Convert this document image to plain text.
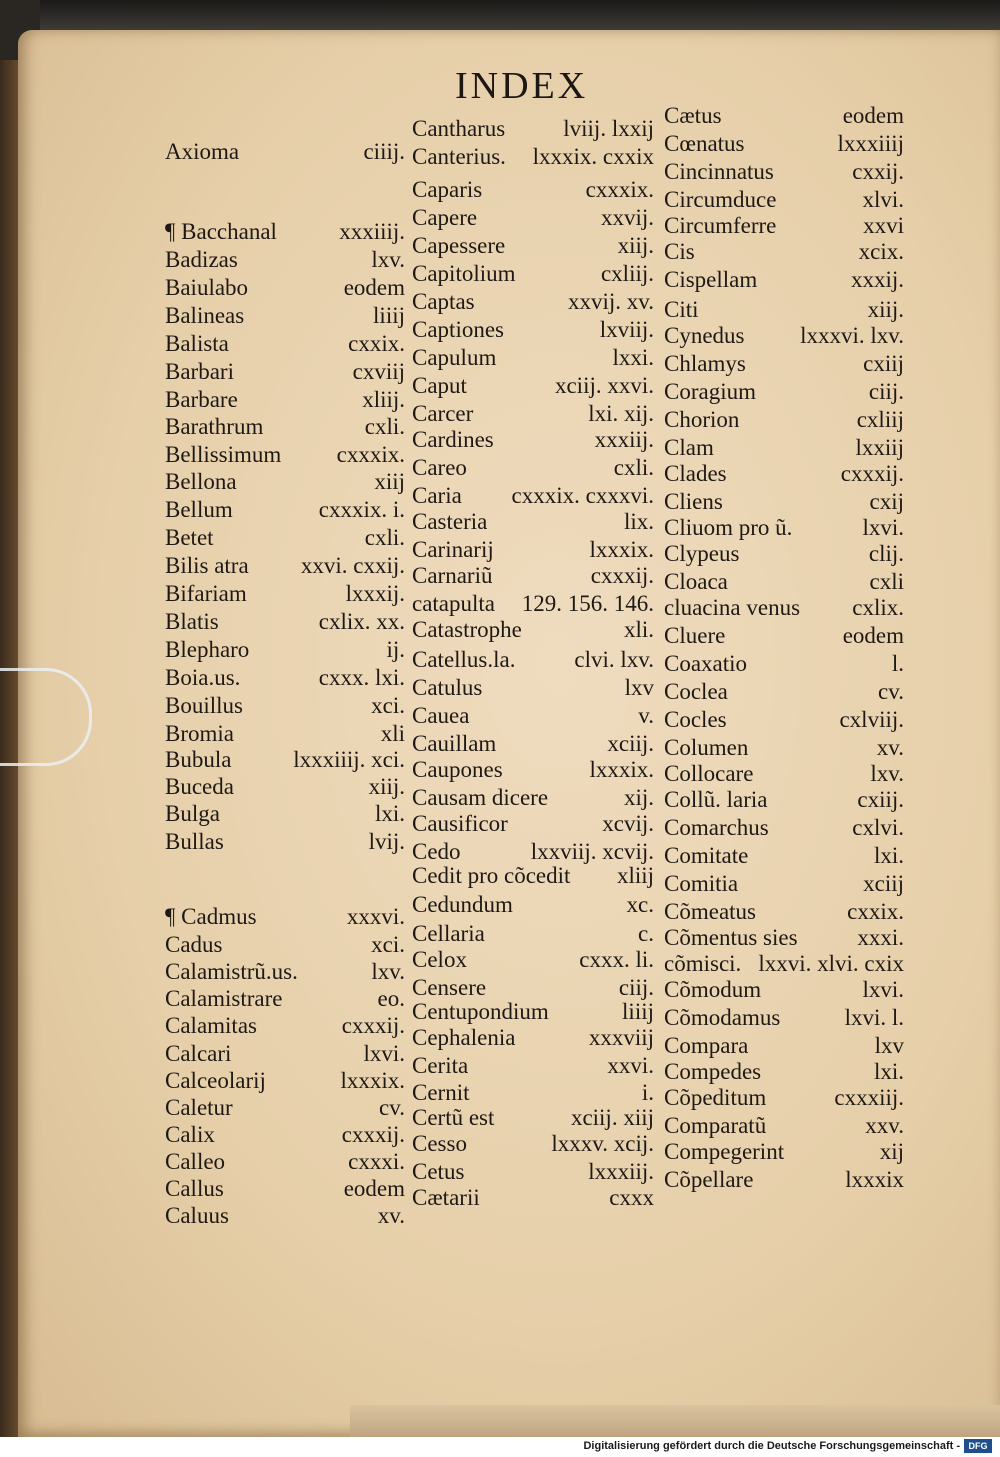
INDEX
Axioma	ciiij.
¶ Bacchanal	xxxiiij.
Badizas	lxv.
Baiulabo	eodem
Balineas	liiij
Balista	cxxix.
Barbari	cxviij
Barbare	xliij.
Barathrum	cxli.
Bellissimum cxxxix.
Bellona	xiij
Bellum	cxxxix. i.
Betet	cxli.
Bilis atra xxvi. cxxij.
Bifariam	lxxxij.
Blatis	cxlix. xx.
Blepharo	ij.
Boia.us.	cxxx. lxi.
Bouillus	xci.
Bromia	xli
Bubula	lxxxiiij. xci.
Buceda	xiij.
Bulga	lxi.
Bullas	lvij.
¶ Cadmus	xxxvi.
Cadus	xci.
Calamistrũ.us.	lxv.
Calamistrare	eo.
Calamitas	cxxxij.
Calcari	lxvi.
Calceolarij	lxxxix.
Caletur	cv.
Calix	cxxxij.
Calleo	cxxxi.
Callus	eodem
Caluus	xv.
Cantharus	lviij. lxxij
Canterius. lxxxix. cxxix
Caparis	cxxxix.
Capere	xxvij.
Capessere	xiij.
Capitolium	cxliij.
Captas	xxvij. xv.
Captiones	lxviij.
Capulum	lxxi.
Caput	xciij. xxvi.
Carcer	lxi. xij.
Cardines	xxxiij.
Careo	cxli.
Caria cxxxix. cxxxvi.
Casteria	lix.
Carinarij	lxxxix.
Carnariũ	cxxxij.
catapulta 129. 156. 146.
Catastrophe	xli.
Catellus.la.	clvi. lxv.
Catulus	lxv
Cauea	v.
Cauillam	xciij.
Caupones	lxxxix.
Causam dicere	xij.
Causificor	xcvij.
Cedo	lxxviij. xcvij.
Cedit pro cõcedit xliij
Cedundum	xc.
Cellaria	c.
Celox	cxxx. li.
Censere	ciij.
Centupondium	liiij
Cephalenia	xxxviij
Cerita	xxvi.
Cernit	i.
Certũ est	xciij. xiij
Cesso	lxxxv. xcij.
Cetus	lxxxiij.
Cætarii	cxxx
Cætus	eodem
Cœnatus	lxxxiiij
Cincinnatus	cxxij.
Circumduce	xlvi.
Circumferre	xxvi
Cis	xcix.
Cispellam	xxxij.
Citi	xiij.
Cynedus lxxxvi. lxv.
Chlamys	cxiij
Coragium	ciij.
Chorion	cxliij
Clam	lxxiij
Clades	cxxxij.
Cliens	cxij
Cliuom pro ũ.	lxvi.
Clypeus	clij.
Cloaca	cxli
cluacina venus cxlix.
Cluere	eodem
Coaxatio	l.
Coclea	cv.
Cocles	cxlviij.
Columen	xv.
Collocare	lxv.
Collũ. laria	cxiij.
Comarchus	cxlvi.
Comitate	lxi.
Comitia	xciij
Cõmeatus	cxxix.
Cõmentus sies	xxxi.
cõmisci. lxxvi. xlvi. cxix
Cõmodum	lxvi.
Cõmodamus	lxvi. l.
Compara	lxv
Compedes	lxi.
Cõpeditum	cxxxiij.
Comparatũ	xxv.
Compegerint	xij
Cõpellare	lxxxix
Digitalisierung gefördert durch die Deutsche Forschungsgemeinschaft - DFG
